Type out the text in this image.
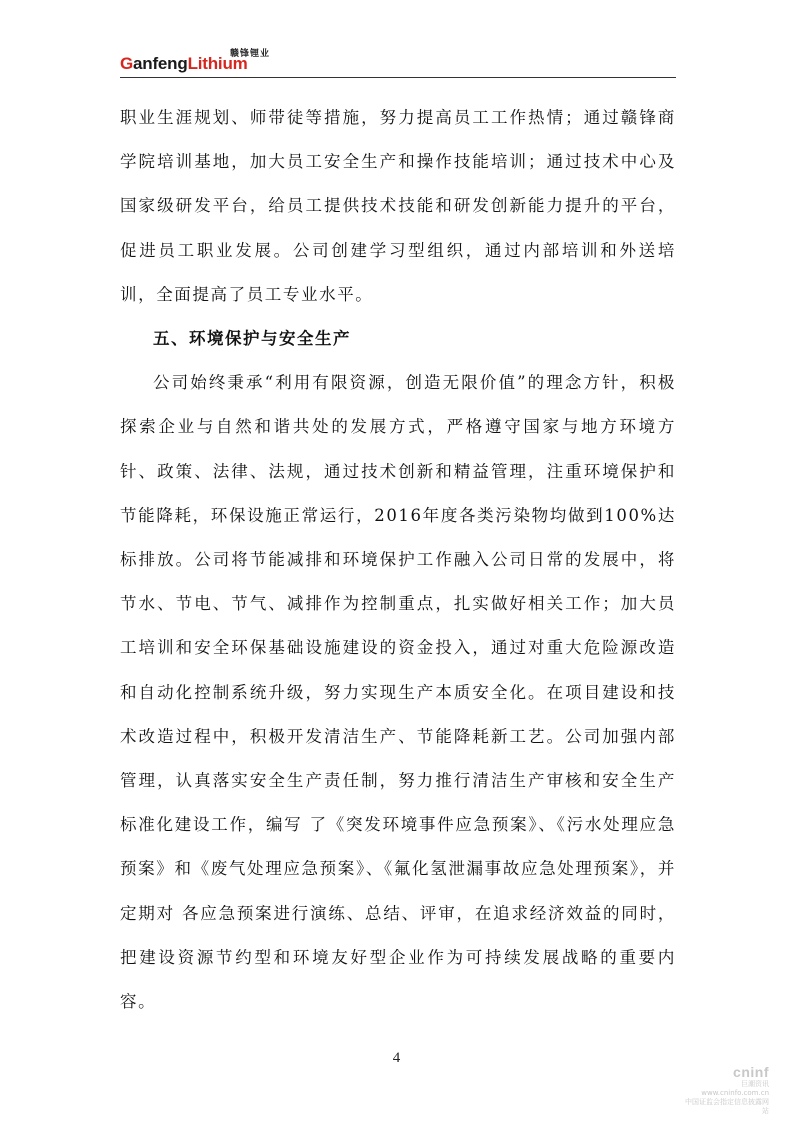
赣锋锂业
GanfengLithium

职业生涯规划、师带徒等措施，努力提高员工工作热情；通过赣锋商学院培训基地，加大员工安全生产和操作技能培训；通过技术中心及国家级研发平台，给员工提供技术技能和研发创新能力提升的平台，促进员工职业发展。公司创建学习型组织，通过内部培训和外送培训，全面提高了员工专业水平。

五、环境保护与安全生产

公司始终秉承“利用有限资源，创造无限价值”的理念方针，积极探索企业与自然和谐共处的发展方式，严格遵守国家与地方环境方针、政策、法律、法规，通过技术创新和精益管理，注重环境保护和节能降耗，环保设施正常运行，2016年度各类污染物均做到100%达标排放。公司将节能减排和环境保护工作融入公司日常的发展中，将节水、节电、节气、减排作为控制重点，扎实做好相关工作；加大员工培训和安全环保基础设施建设的资金投入，通过对重大危险源改造和自动化控制系统升级，努力实现生产本质安全化。在项目建设和技术改造过程中，积极开发清洁生产、节能降耗新工艺。公司加强内部管理，认真落实安全生产责任制，努力推行清洁生产审核和安全生产标准化建设工作，编写 了《突发环境事件应急预案》、《污水处理应急预案》和《废气处理应急预案》、《氟化氢泄漏事故应急处理预案》，并定期对 各应急预案进行演练、总结、评审，在追求经济效益的同时，把建设资源节约型和环境友好型企业作为可持续发展战略的重要内容。

4
cninf
巨潮资讯
www.cninfo.com.cn
中国证监会指定信息披露网站
